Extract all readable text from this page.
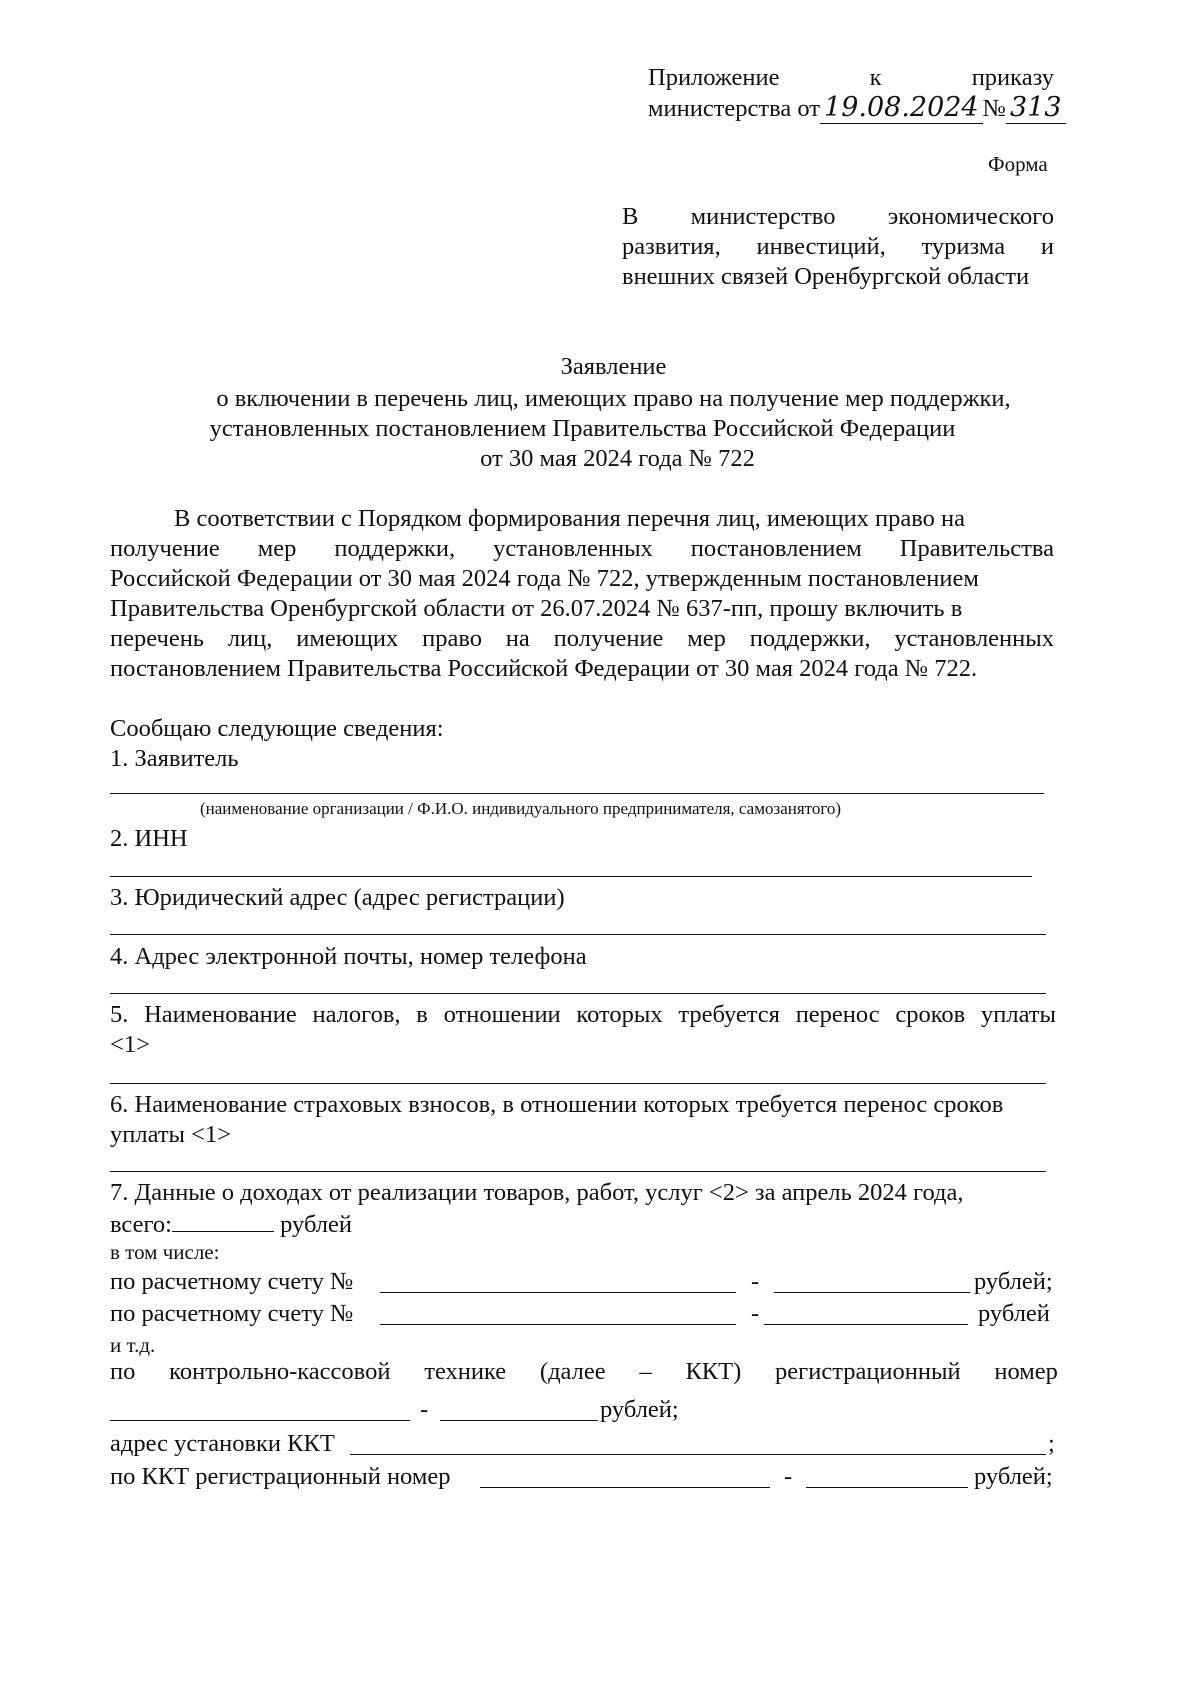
Приложение	к	приказу
министерства от 19.08.2024 № 313
Форма
В министерство экономического
развития, инвестиций, туризма и
внешних связей Оренбургской области
Заявление
о включении в перечень лиц, имеющих право на получение мер поддержки,
установленных постановлением Правительства Российской Федерации
от 30 мая 2024 года № 722
В соответствии с Порядком формирования перечня лиц, имеющих право на
получение мер поддержки, установленных постановлением Правительства
Российской Федерации от 30 мая 2024 года № 722, утвержденным постановлением
Правительства Оренбургской области от 26.07.2024 № 637-пп, прошу включить в
перечень лиц, имеющих право на получение мер поддержки, установленных
постановлением Правительства Российской Федерации от 30 мая 2024 года № 722.
Сообщаю следующие сведения:
1. Заявитель
(наименование организации / Ф.И.О. индивидуального предпринимателя, самозанятого)
2. ИНН
3. Юридический адрес (адрес регистрации)
4. Адрес электронной почты, номер телефона
5. Наименование налогов, в отношении которых требуется перенос сроков уплаты
<1>
6. Наименование страховых взносов, в отношении которых требуется перенос сроков
уплаты <1>
7. Данные о доходах от реализации товаров, работ, услуг <2> за апрель 2024 года,
всего:	рублей
в том числе:
по расчетному счету №	-	рублей;
по расчетному счету №	-	рублей
и т.д.
по контрольно-кассовой технике (далее – ККТ) регистрационный номер
-	рублей;
адрес установки ККТ	;
по ККТ регистрационный номер	-	рублей;
